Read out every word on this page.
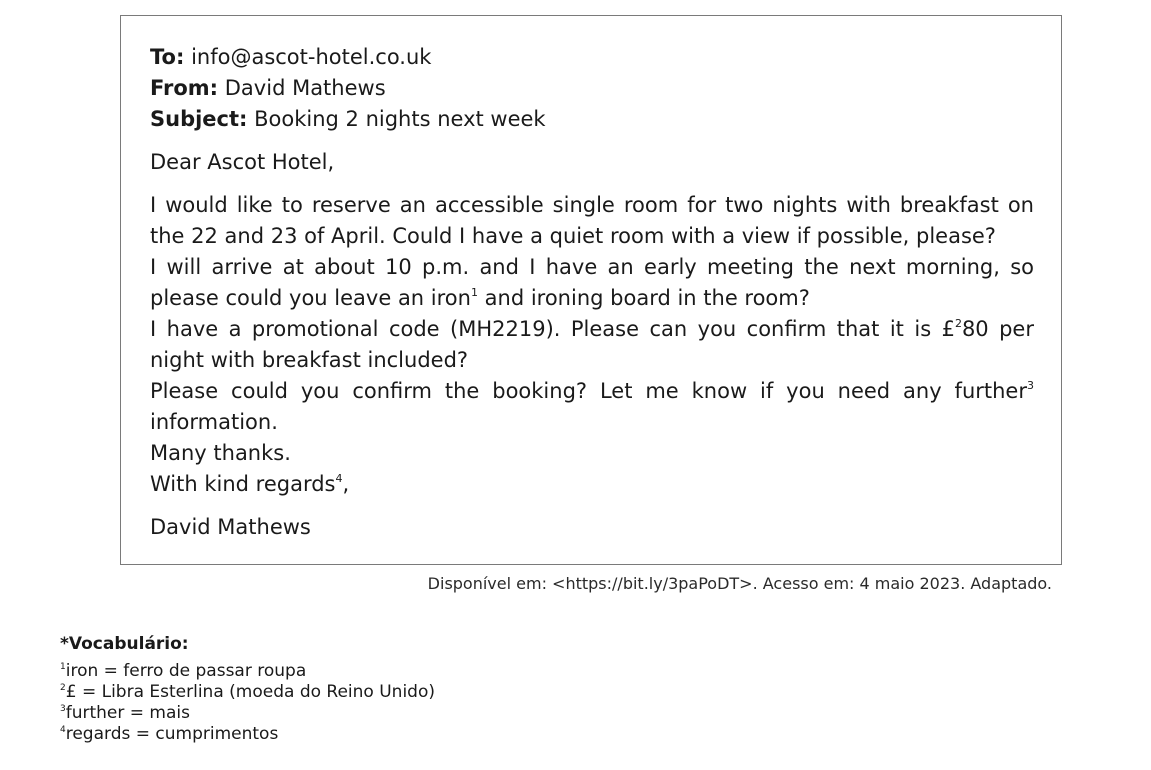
To: info@ascot-hotel.co.uk
From: David Mathews
Subject: Booking 2 nights next week
Dear Ascot Hotel,
I would like to reserve an accessible single room for two nights with breakfast on
the 22 and 23 of April. Could I have a quiet room with a view if possible, please?
I will arrive at about 10 p.m. and I have an early meeting the next morning, so
please could you leave an iron$^1$ and ironing board in the room?
I have a promotional code (MH2219). Please can you confirm that it is £$^2$80 per
night with breakfast included?
Please could you confirm the booking? Let me know if you need any further$^3$
information.
Many thanks.
With kind regards$^4$,
David Mathews
Disponível em: <https://bit.ly/3paPoDT>. Acesso em: 4 maio 2023. Adaptado.
*Vocabulário:
$^1$iron = ferro de passar roupa
$^2$£ = Libra Esterlina (moeda do Reino Unido)
$^3$further = mais
$^4$regards = cumprimentos
